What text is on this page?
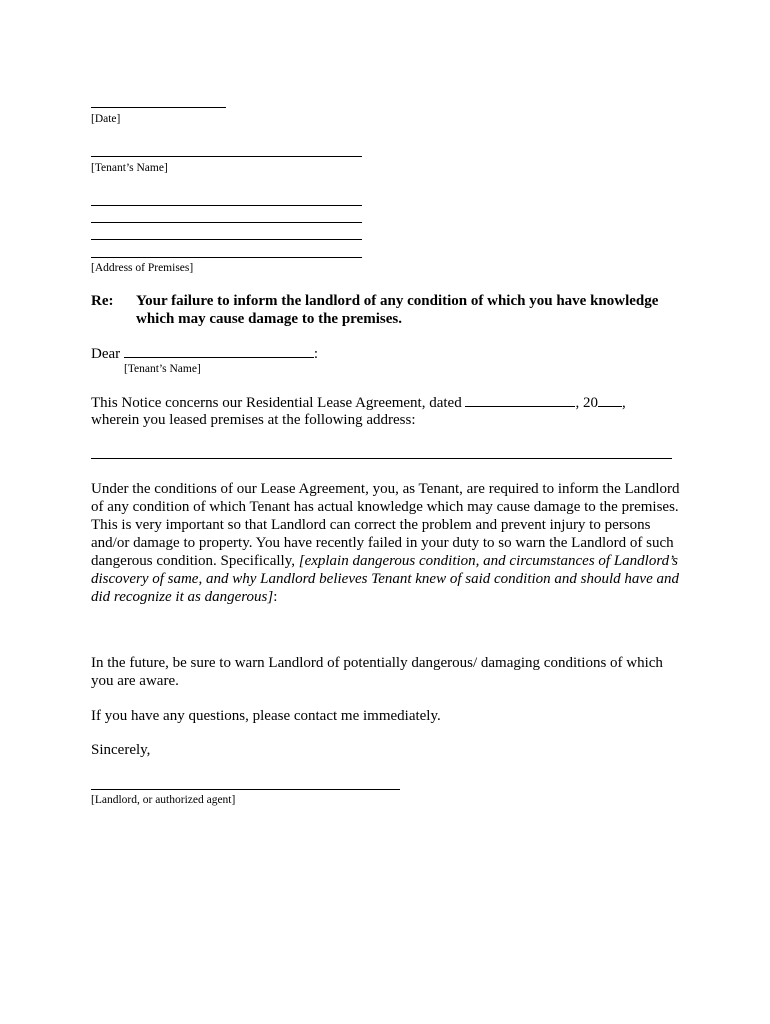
[Date]
[Tenant’s Name]
[Address of Premises]
Re: Your failure to inform the landlord of any condition of which you have knowledge
which may cause damage to the premises.
Dear	:
[Tenant’s Name]
This Notice concerns our Residential Lease Agreement, dated	, 20 ,
wherein you leased premises at the following address:
Under the conditions of our Lease Agreement, you, as Tenant, are required to inform the Landlord of any condition of which Tenant has actual knowledge which may cause damage to the premises. This is very important so that Landlord can correct the problem and prevent injury to persons and/or damage to property. You have recently failed in your duty to so warn the Landlord of such dangerous condition. Specifically, [explain dangerous condition, and circumstances of Landlord’s discovery of same, and why Landlord believes Tenant knew of said condition and should have and did recognize it as dangerous]:
In the future, be sure to warn Landlord of potentially dangerous/ damaging conditions of which you are aware.
If you have any questions, please contact me immediately.
Sincerely,
[Landlord, or authorized agent]
